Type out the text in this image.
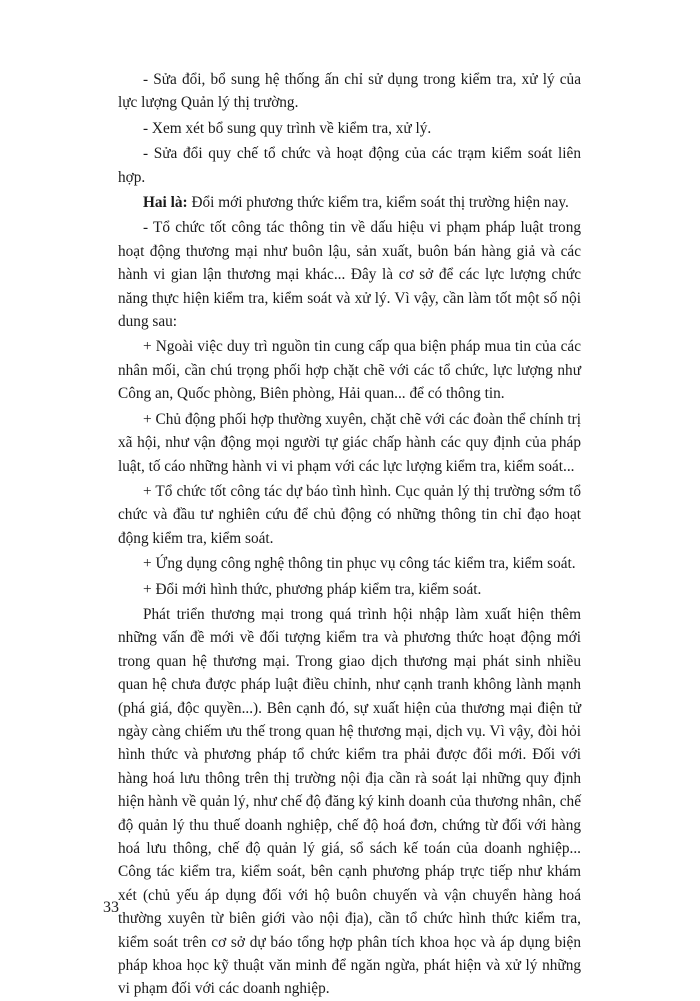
- Sửa đổi, bổ sung hệ thống ấn chỉ sử dụng trong kiểm tra, xử lý của lực lượng Quản lý thị trường.

- Xem xét bổ sung quy trình về kiểm tra, xử lý.

- Sửa đổi quy chế tổ chức và hoạt động của các trạm kiểm soát liên hợp.

Hai là: Đổi mới phương thức kiểm tra, kiểm soát thị trường hiện nay.

- Tổ chức tốt công tác thông tin về dấu hiệu vi phạm pháp luật trong hoạt động thương mại như buôn lậu, sản xuất, buôn bán hàng giả và các hành vi gian lận thương mại khác... Đây là cơ sở để các lực lượng chức năng thực hiện kiểm tra, kiểm soát và xử lý. Vì vậy, cần làm tốt một số nội dung sau:

+ Ngoài việc duy trì nguồn tin cung cấp qua biện pháp mua tin của các nhân mối, cần chú trọng phối hợp chặt chẽ với các tổ chức, lực lượng như Công an, Quốc phòng, Biên phòng, Hải quan... để có thông tin.

+ Chủ động phối hợp thường xuyên, chặt chẽ với các đoàn thể chính trị xã hội, như vận động mọi người tự giác chấp hành các quy định của pháp luật, tố cáo những hành vi vi phạm với các lực lượng kiểm tra, kiểm soát...

+ Tổ chức tốt công tác dự báo tình hình. Cục quản lý thị trường sớm tổ chức và đầu tư nghiên cứu để chủ động có những thông tin chỉ đạo hoạt động kiểm tra, kiểm soát.

+ Ứng dụng công nghệ thông tin phục vụ công tác kiểm tra, kiểm soát.

+ Đổi mới hình thức, phương pháp kiểm tra, kiểm soát.

Phát triển thương mại trong quá trình hội nhập làm xuất hiện thêm những vấn đề mới về đối tượng kiểm tra và phương thức hoạt động mới trong quan hệ thương mại. Trong giao dịch thương mại phát sinh nhiều quan hệ chưa được pháp luật điều chỉnh, như cạnh tranh không lành mạnh (phá giá, độc quyền...). Bên cạnh đó, sự xuất hiện của thương mại điện tử ngày càng chiếm ưu thế trong quan hệ thương mại, dịch vụ. Vì vậy, đòi hỏi hình thức và phương pháp tổ chức kiểm tra phải được đổi mới. Đối với hàng hoá lưu thông trên thị trường nội địa cần rà soát lại những quy định hiện hành về quản lý, như chế độ đăng ký kinh doanh của thương nhân, chế độ quản lý thu thuế doanh nghiệp, chế độ hoá đơn, chứng từ đối với hàng hoá lưu thông, chế độ quản lý giá, sổ sách kế toán của doanh nghiệp... Công tác kiểm tra, kiểm soát, bên cạnh phương pháp trực tiếp như khám xét (chủ yếu áp dụng đối với hộ buôn chuyến và vận chuyển hàng hoá thường xuyên từ biên giới vào nội địa), cần tổ chức hình thức kiểm tra, kiểm soát trên cơ sở dự báo tổng hợp phân tích khoa học và áp dụng biện pháp khoa học kỹ thuật văn minh để ngăn ngừa, phát hiện và xử lý những vi phạm đối với các doanh nghiệp.

33
